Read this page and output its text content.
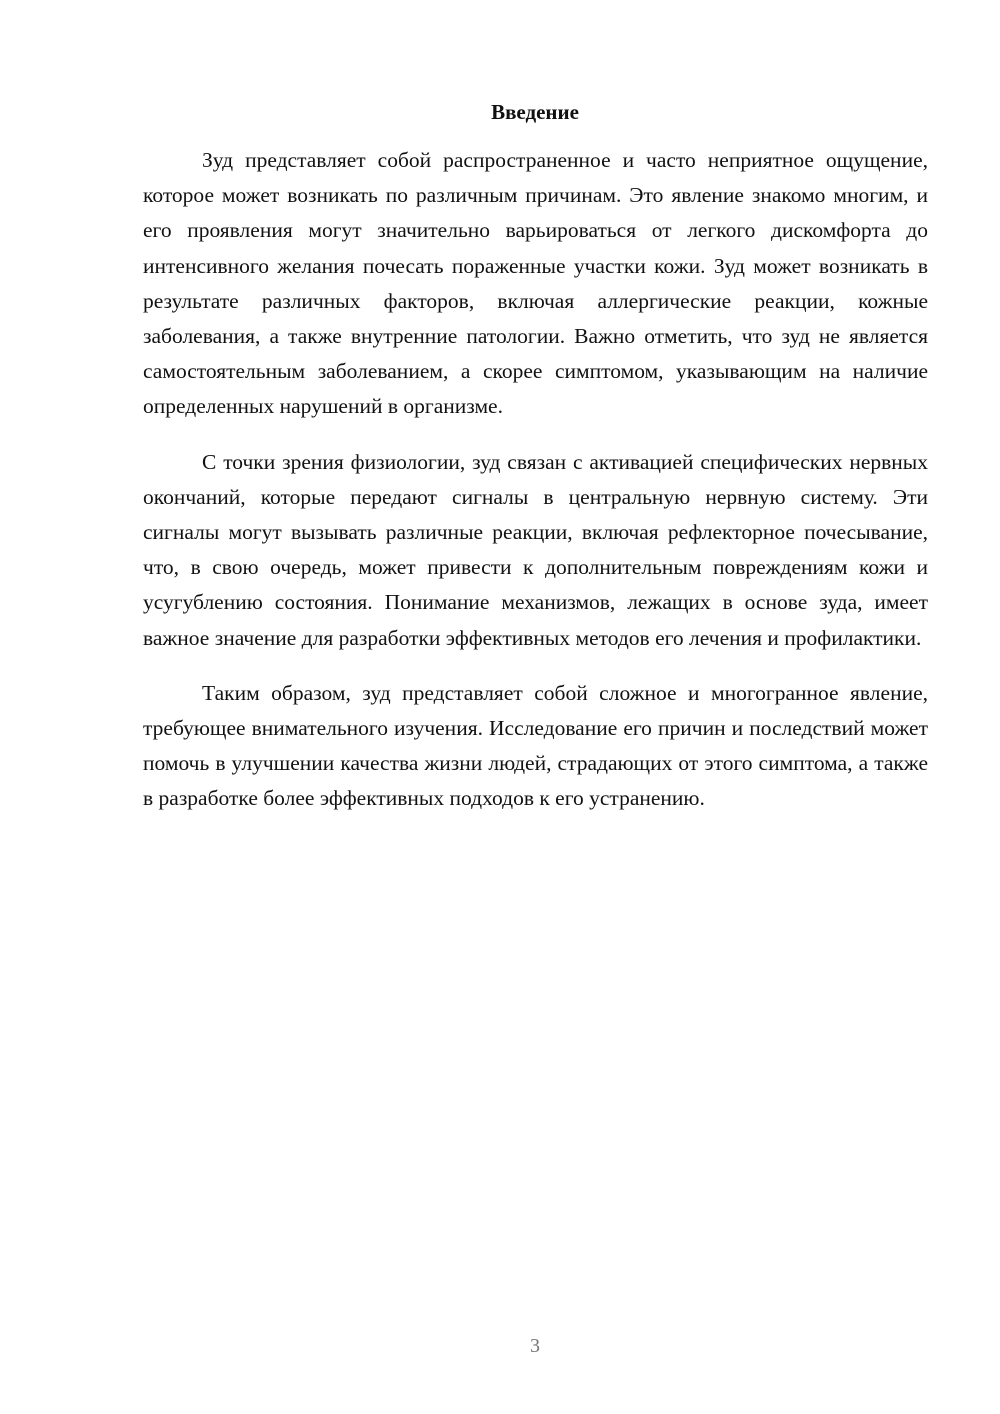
Введение

Зуд представляет собой распространенное и часто неприятное ощущение, которое может возникать по различным причинам. Это явление знакомо многим, и его проявления могут значительно варьироваться от легкого дискомфорта до интенсивного желания почесать пораженные участки кожи. Зуд может возникать в результате различных факторов, включая аллергические реакции, кожные заболевания, а также внутренние патологии. Важно отметить, что зуд не является самостоятельным заболеванием, а скорее симптомом, указывающим на наличие определенных нарушений в организме.

С точки зрения физиологии, зуд связан с активацией специфических нервных окончаний, которые передают сигналы в центральную нервную систему. Эти сигналы могут вызывать различные реакции, включая рефлекторное почесывание, что, в свою очередь, может привести к дополнительным повреждениям кожи и усугублению состояния. Понимание механизмов, лежащих в основе зуда, имеет важное значение для разработки эффективных методов его лечения и профилактики.

Таким образом, зуд представляет собой сложное и многогранное явление, требующее внимательного изучения. Исследование его причин и последствий может помочь в улучшении качества жизни людей, страдающих от этого симптома, а также в разработке более эффективных подходов к его устранению.

3
